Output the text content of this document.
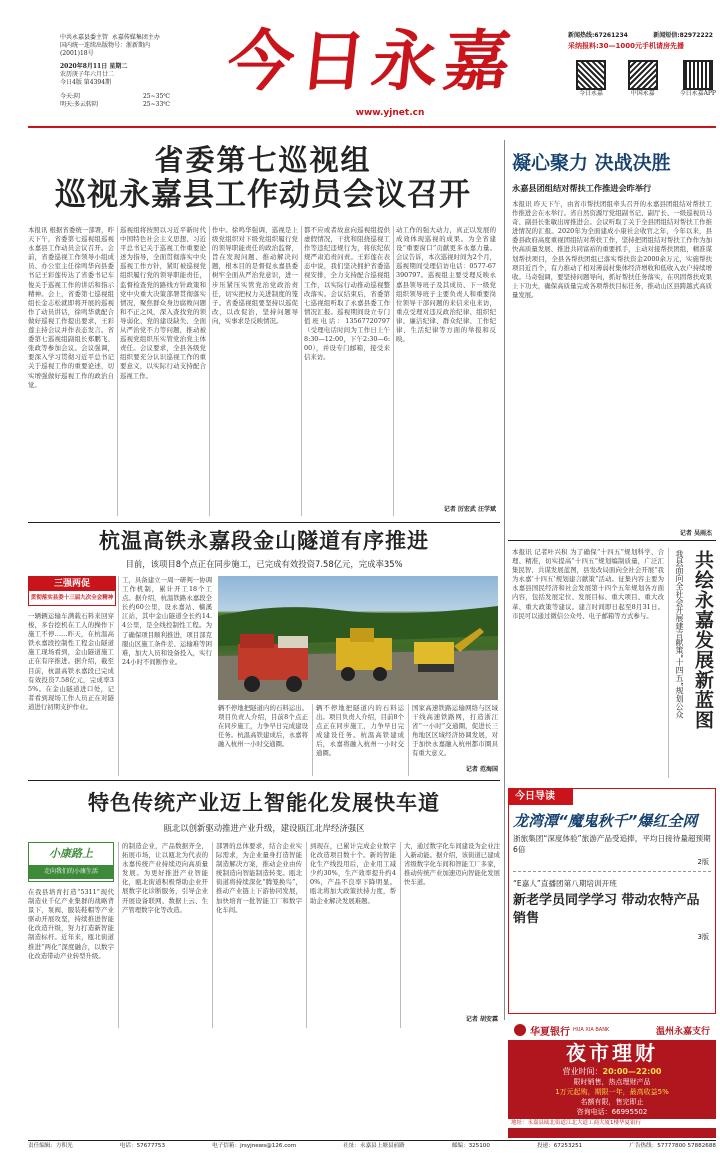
中共永嘉县委主管 永嘉传媒集团主办
国内统一连续出版物号：浙新期内(2001)18号
2020年8月11日 星期二
农历庚子年六月廿二
今日4版 第4394期
今天:阴	25~35℃
明天:多云转阴	25~33℃
今日永嘉
www.yjnet.cn
新闻热线:67261234	新闻短信:82972222
采纳报料:30—1000元手机请房先播
今日永嘉	中国永嘉	今日永嘉APP
省委第七巡视组
巡视永嘉县工作动员会议召开
本报讯 根据省委统一部署，昨天下午，省委第七巡视组巡视永嘉县工作动员会议召开。会前，省委巡视工作领导小组成员、办公室主任徐鸣华向县委书记王彩莲传达了省委书记车俊关于巡视工作的讲话和指示精神。会上，省委第七巡视组组长金志松就即将开展的巡视作了动员讲话，徐鸣华就配合做好巡视工作提出要求，王彩莲主持会议并作表态发言。省委第七巡视组副组长郑鹏飞、张政等参加会议。会议强调，要深入学习贯彻习近平总书记关于巡视工作的重要论述，切实增强做好巡视工作的政治自觉。
巡视组将按照以习近平新时代中国特色社会主义思想、习近平总书记关于巡视工作重要论述为指导，全面贯彻落实中央巡视工作方针，紧盯被巡视党组织履行党的领导职能责任，监督检查党的路线方针政策和党中央重大决策部署贯彻落实情况，聚焦群众身边腐败问题和不正之风，深入查找党的领导弱化、党的建设缺失、全面从严治党不力等问题，推动被巡视党组织压实管党治党主体责任。会议要求，全县各级党组织要充分认识巡视工作的重要意义，以实际行动支持配合巡视工作。
作中。徐鸣华强调，巡视是上级党组织对下级党组织履行党的领导职能责任的政治监督，旨在发现问题、推动解决问题，根本目的是督促永嘉县委树牢全面从严治党意识，进一步压紧压实管党治党政治责任，切实把权力关进制度的笼子。省委巡视组要坚持以巡促改，以改促治，坚持问题导向，实事求是反映情况。
都不应或者故意向巡视组提供虚假情况，干扰和阻挠巡视工作等违纪违规行为，将依纪依规严肃追责问责。王彩莲在表态中说，我们坚决拥护省委巡视安排，全力支持配合巡视组工作，以实际行动推动巡视整改落实。会议结束后，省委第七巡视组听取了永嘉县委工作情况汇报。巡视期间设立专门值班电话：13567720797（受理电话时间为工作日上午8:30—12:00，下午2:30—6:00），并设专门邮箱，接受来信来访。
动工作的强大动力，真正以发展的成效体现巡视的成果。为全省建设“重要窗口”贡献更多永嘉力量。会议告诉，本次巡视时间为2个月，巡视期间受理信访电话：0577-67390797。巡视组主要受理反映永嘉县领导班子及其成员、下一级党组织领导班子主要负责人和重要岗位领导干部问题的来信来电来访，重点受理对违反政治纪律、组织纪律、廉洁纪律、群众纪律、工作纪律、生活纪律等方面的举报和反映。
记者 厉宏武 汪学斌
凝心聚力 决战决胜
永嘉县团组结对帮扶工作推进会昨举行
本报讯 昨天下午，由省市帮扶团组牵头召开的永嘉县团组结对帮扶工作推进会在永举行。省自然资源厅党组副书记、副厅长、一级巡视员马奇、副县长张敏出席推进会。会议听取了关于全县团组结对帮扶工作推进情况的汇报。2020年为全面建成小康社会收官之年，今年以来，县委县政府高度重视团组结对帮扶工作，坚持把团组结对帮扶工作作为加快高质量发展、推进共同富裕的重要抓手，主动对接帮扶团组，精准谋划帮扶项目，全县各帮扶团组已落实帮扶资金2000余万元，实施帮扶项目近百个，有力推动了相对薄弱村集体经济增收和低收入农户持续增收。马奇强调，要坚持问题导向，抓好帮扶任务落实，在巩固帮扶成果上下功夫，确保高质量完成各项帮扶目标任务，推动山区县跨越式高质量发展。
记者 吴雨杰
杭温高铁永嘉段金山隧道有序推进
目前，该项目8个点正在同步施工，已完成有效投资7.58亿元，完成率35%
三强两促
贯彻落实县委十三届九次全会精神
一辆辆运输车满载石料来回穿梭，多台挖机在工人的操作下施工不停……昨天，在杭温高铁永嘉段控制性工程金山隧道施工现场看到，金山隧道施工正在有序推进。据介绍，截至目前，杭温高铁永嘉段已完成有效投资7.58亿元，完成率35%。在金山隧道进口处，记者看到现场工作人员正在对隧道进行初期支护作业。
工，具备建立一周一研判一协调工作机制，累计开工18个工点。据介绍，杭温铁路永嘉段全长约60公里，设永嘉站、楠溪江站，其中金山隧道全长约14.4公里，是全线控制性工程。为了确保项目顺利推进，项目部克服山区施工条件差、运输难等困难，加大人员和设备投入，实行24小时不间断作业。
辆不停地把隧道内的石料运出。项目负责人介绍，目前8个点正在同步施工，力争早日完成建设任务。杭温高铁建成后，永嘉将融入杭州一小时交通圈。
辆不停地把隧道内的石料运出。项目负责人介绍，目前8个点正在同步施工，力争早日完成建设任务。杭温高铁建成后，永嘉将融入杭州一小时交通圈。
国家高速铁路运输网络与区域干线高速铁路网，打造浙江省“一小时”交通圈，促进长三角地区区域经济协调发展，对于加快永嘉融入杭州都市圈具有重大意义。
记者 范海国
本报讯 记者叶兴积 为了确保“十四五”规划科学、合理、精准，切实提高“十四五”规划编制质量，广泛汇集民智、共谋发展蓝图，县发改局面向全社会开展“我为永嘉‘十四五’规划建言献策”活动。征集内容主要为永嘉县国民经济和社会发展第十四个五年规划各方面内容，包括发展定位、发展目标、重大项目、重大改革、重大政策等建议。建言时间即日起至8月31日。市民可以通过微信公众号、电子邮箱等方式参与。	我县面向全社会开展建言献策“十四五”规划公众 共绘永嘉发展新蓝图
今日导读
龙湾潭“魔鬼秋千”爆红全网
浙旅集团“深度体验”旅游产品受追捧，平均日接待量超预期6倍
2版
“E嘉人”直播团第八期培训开班
新老学员同学学习 带动农特产品销售
3版
特色传统产业迈上智能化发展快车道
瓯北以创新驱动推进产业升级，建设瓯江北岸经济强区
小康路上
走向我们的小康生活
在我县培育打造“5311”现代制造业千亿产业集群的战略背景下，泵阀、服装鞋帽等产业驱动开展攻坚，持续推进智能化改造升级，努力打造新智能制造标杆。近年来，瓯北街道推进“两化”深度融合，以数字化改造带动产业转型升级。
的制造企业，产品数据齐全，拓展市场，让以瓯北为代表的永嘉传统产业持续迈向高质量发展。为更好推进产业智能化，瓯北街道积极帮助企业开展数字化诊断服务，引导企业开展设备联网、数据上云、生产管理数字化等改造。
部署的总体要求，结合企业实际需求，为企业量身打造智能制造解决方案，推动企业由传统制造向智能制造转变。瓯北街道将持续深化“腾笼换鸟”，推动产业链上下游协同发展，加快培育一批智能工厂和数字化车间。
到现在，已累计完成企业数字化改造项目数十个。新的智能化生产线投用后，企业用工减少约30%，生产效率提升约40%，产品不良率下降明显。瓯北将加大政策扶持力度，帮助企业解决发展难题。
大，通过数字化车间建设为企业注入新动能。据介绍，该街道已建成省级数字化车间和智能工厂多家，推动传统产业加速迈向智能化发展快车道。
记者 胡安霖
华夏银行 HUA XIA BANK	温州永嘉支行
夜市理财
营业时间：20:00—22:00
限时销售，热点理财产品
1万元起购，期限一年，最高收益5%
名额有限，售完即止
咨询电话：66995502
地址：永嘉县瓯北街道江北大道工商大厦1楼华夏银行
责任编辑：方积光	电话：57677753	电子信箱：jrsyjnews@126.com	社址：永嘉县上塘县前路	邮编：325100	投递：67253251	广告热线：57777800 57882688
